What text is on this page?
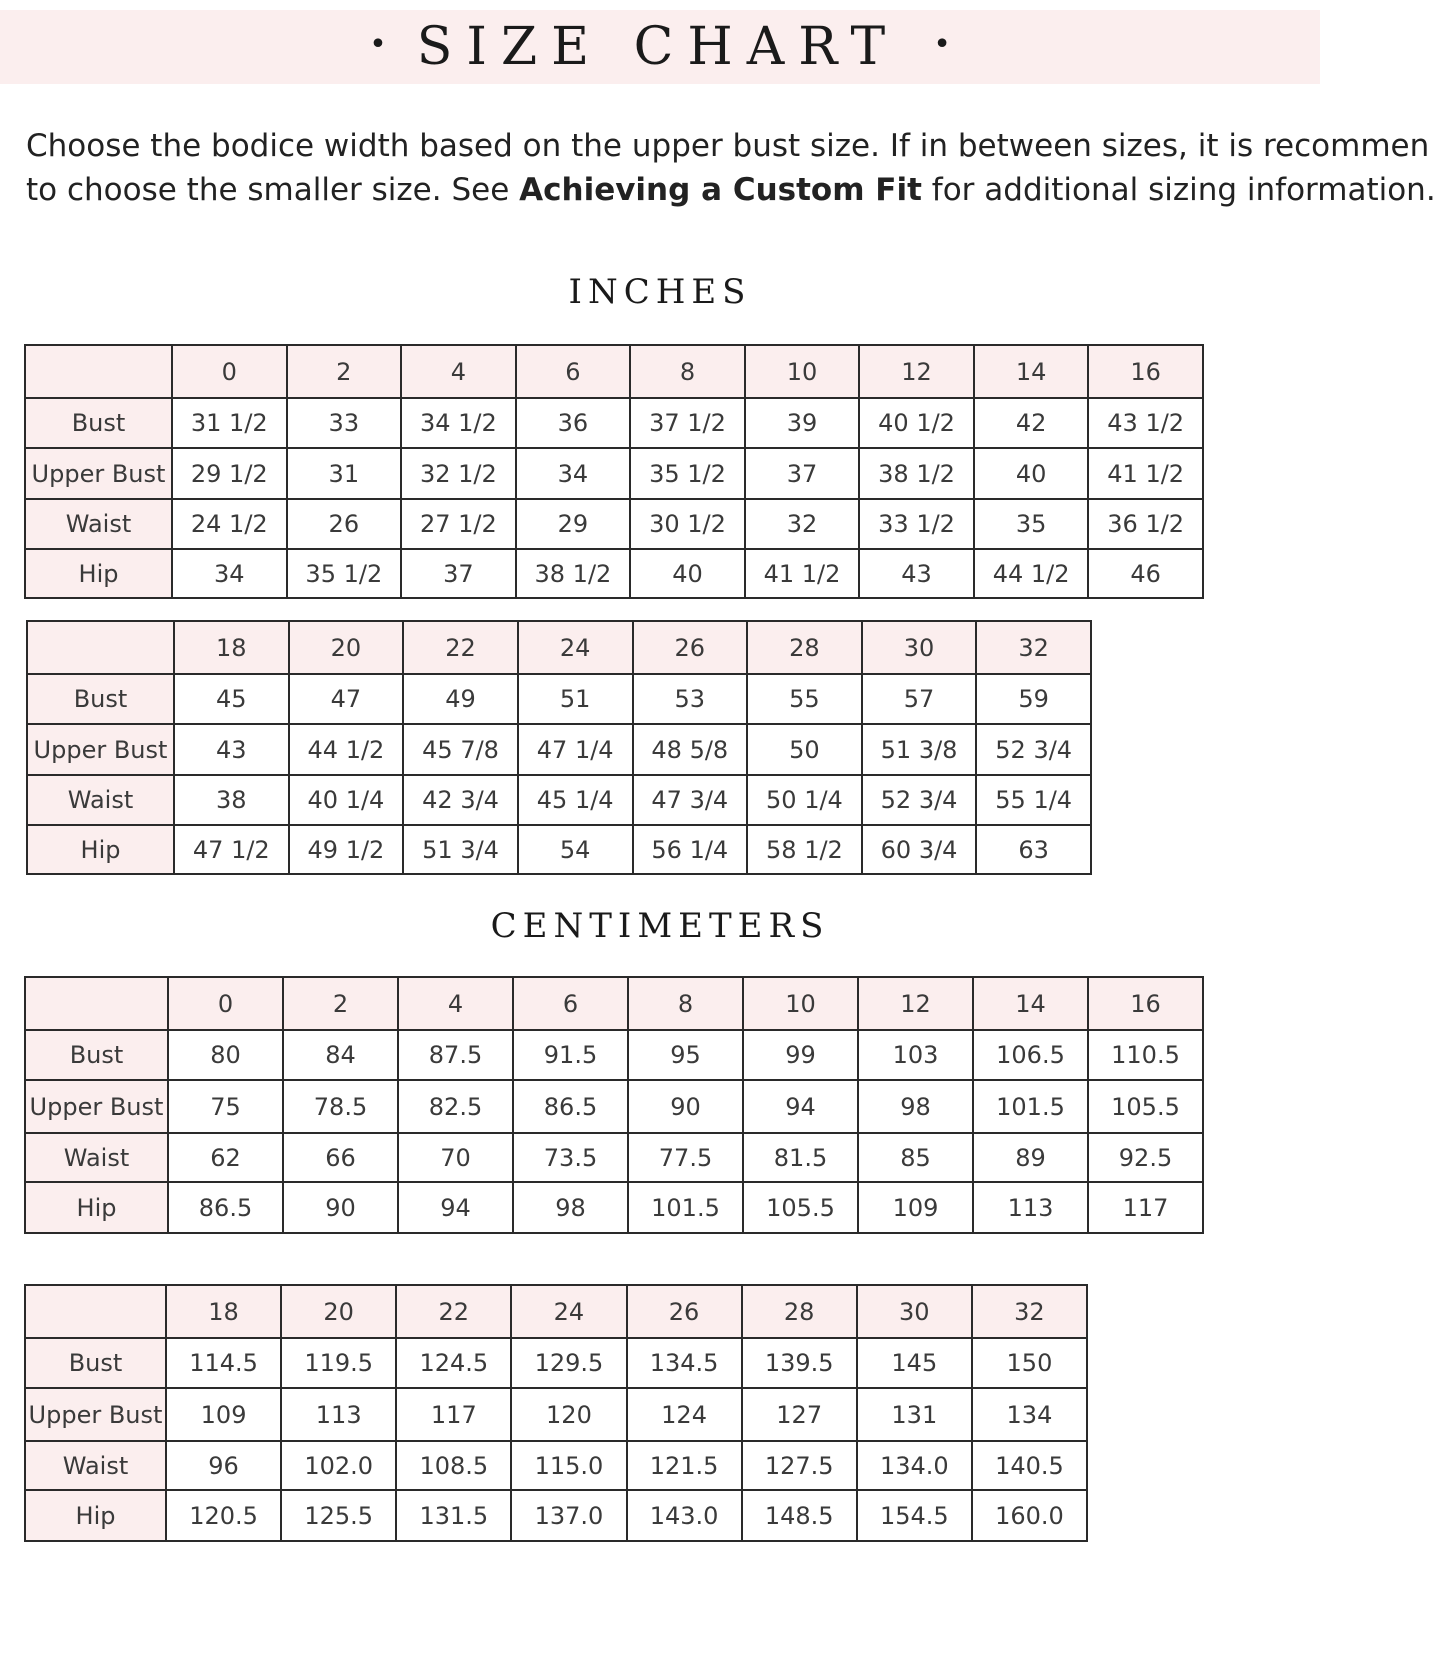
• SIZE CHART •
Choose the bodice width based on the upper bust size. If in between sizes, it is recommen
to choose the smaller size. See Achieving a Custom Fit for additional sizing information.
INCHES
	0	2	4	6	8	10	12	14	16
Bust	31 1/2	33	34 1/2	36	37 1/2	39	40 1/2	42	43 1/2
Upper Bust	29 1/2	31	32 1/2	34	35 1/2	37	38 1/2	40	41 1/2
Waist	24 1/2	26	27 1/2	29	30 1/2	32	33 1/2	35	36 1/2
Hip	34	35 1/2	37	38 1/2	40	41 1/2	43	44 1/2	46
	18	20	22	24	26	28	30	32
Bust	45	47	49	51	53	55	57	59
Upper Bust	43	44 1/2	45 7/8	47 1/4	48 5/8	50	51 3/8	52 3/4
Waist	38	40 1/4	42 3/4	45 1/4	47 3/4	50 1/4	52 3/4	55 1/4
Hip	47 1/2	49 1/2	51 3/4	54	56 1/4	58 1/2	60 3/4	63
CENTIMETERS
	0	2	4	6	8	10	12	14	16
Bust	80	84	87.5	91.5	95	99	103	106.5	110.5
Upper Bust	75	78.5	82.5	86.5	90	94	98	101.5	105.5
Waist	62	66	70	73.5	77.5	81.5	85	89	92.5
Hip	86.5	90	94	98	101.5	105.5	109	113	117
	18	20	22	24	26	28	30	32
Bust	114.5	119.5	124.5	129.5	134.5	139.5	145	150
Upper Bust	109	113	117	120	124	127	131	134
Waist	96	102.0	108.5	115.0	121.5	127.5	134.0	140.5
Hip	120.5	125.5	131.5	137.0	143.0	148.5	154.5	160.0
